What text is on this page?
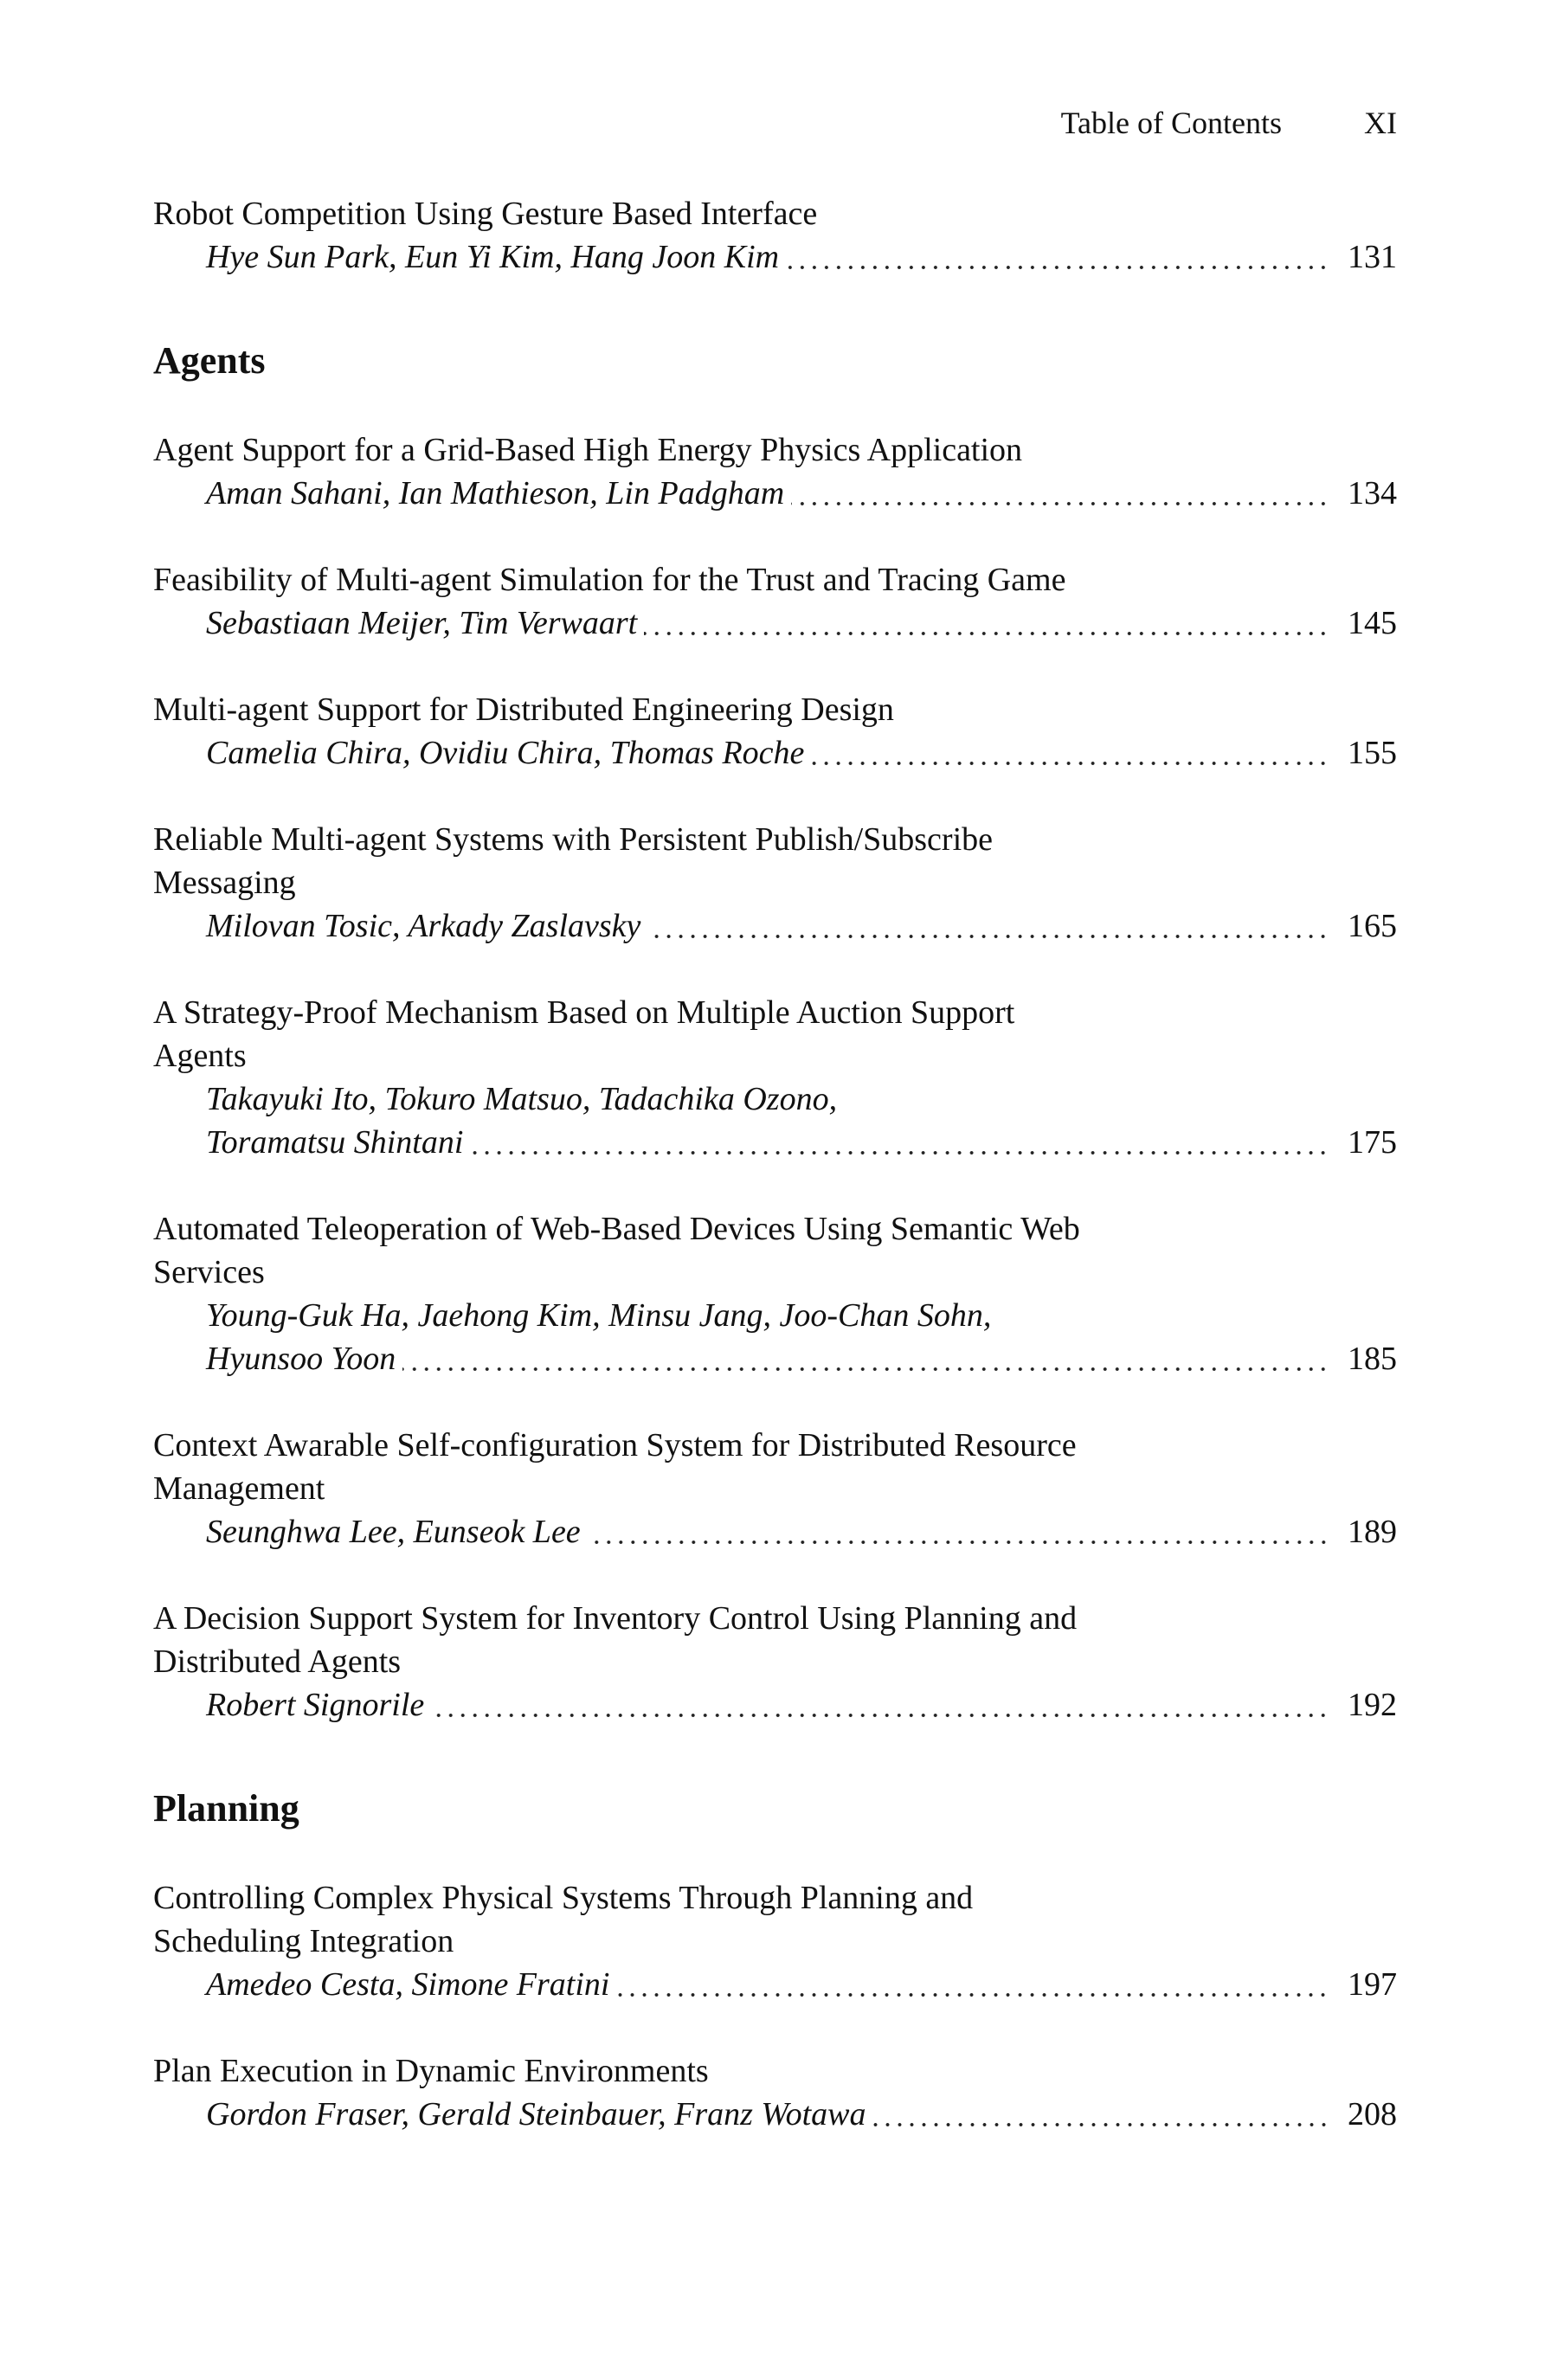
Table of Contents	XI
Robot Competition Using Gesture Based Interface
Hye Sun Park, Eun Yi Kim, Hang Joon Kim	131
Agents
Agent Support for a Grid-Based High Energy Physics Application
Aman Sahani, Ian Mathieson, Lin Padgham	134
Feasibility of Multi-agent Simulation for the Trust and Tracing Game
Sebastiaan Meijer, Tim Verwaart	145
Multi-agent Support for Distributed Engineering Design
Camelia Chira, Ovidiu Chira, Thomas Roche	155
Reliable Multi-agent Systems with Persistent Publish/Subscribe
Messaging
Milovan Tosic, Arkady Zaslavsky	165
A Strategy-Proof Mechanism Based on Multiple Auction Support
Agents
Takayuki Ito, Tokuro Matsuo, Tadachika Ozono,
Toramatsu Shintani	175
Automated Teleoperation of Web-Based Devices Using Semantic Web
Services
Young-Guk Ha, Jaehong Kim, Minsu Jang, Joo-Chan Sohn,
Hyunsoo Yoon	185
Context Awarable Self-configuration System for Distributed Resource
Management
Seunghwa Lee, Eunseok Lee	189
A Decision Support System for Inventory Control Using Planning and
Distributed Agents
Robert Signorile	192
Planning
Controlling Complex Physical Systems Through Planning and
Scheduling Integration
Amedeo Cesta, Simone Fratini	197
Plan Execution in Dynamic Environments
Gordon Fraser, Gerald Steinbauer, Franz Wotawa	208
